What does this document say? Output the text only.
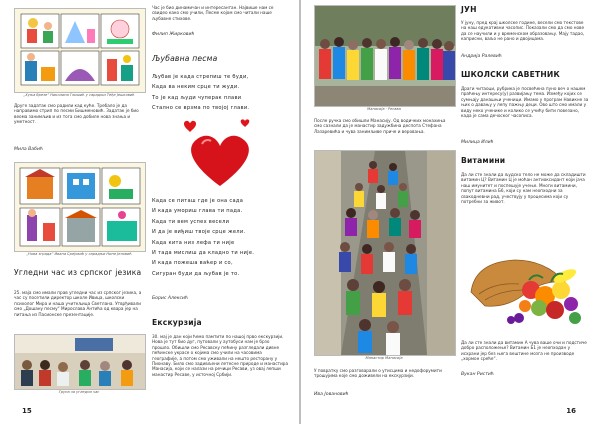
„Хуња брезе“ Николина Глишић у сарадњи Теђе Јешковић

Друге задатак смо радили кад куће. Требало је да направимо стрип по песми Бишменовић. Задатак је био веома занимљив и из тога смо добиле нова знања и уметност.

Мила Вабић

„Нова зграда“ Ивана Срејовић у сарадњи Нине Јеловић

Угледни час из српског језика

25. маја смо имали прав угледни час из српског језика, а час су посетили директор школе Ивица, школски психолог Мира и наша учитељица Светлана. Утврђивали смо „Дошану песму“ Мирослава Антића од квара јер на питања из Пасионске презентације.

Групa за угледни час

Час је био динамичан и интересантан. Највише нам се свидео како смо учили, Песме којом смо читали наше љубавне стихове.

Филип Жирковић

Љубавна песма

Љубав је када стрепиш те буди,

Када ва неким срце ти жуди.

То је кад људи чупеpак плави

Стално се врзма по твојој глави.

Када се питаш где је она сада

И када умориш глава ти пада.

Када ти вем успех весели

И да је виђиш твоје срце жели.

Када кита низ лефа ти није

И тада мислиш да кладно ти није.

И када пожеша ваћер и со,

Сигуран буди да љубав је то.

Борис Алексић

Екскурзија

30. мај је дан који ћемо памтити по нашој прво екскурзији. Нова је тут био дуг, путовали у аутобуси нам је брзо прошло. Обишли смо Ресавску пећину разгледали дивне пећинске украсе о којима смо учили на часовима географије, а потом смо уживали на нешто ресторану у Пионаву. Било смо задивљени летесне природе и манастира Манасија, који се налази на речици Ресави, уз овај лепши манастир Ресаве, у источној Србији.

15

Манасија · Ресава

После ручка смо обишли Манасију. Од водичких монахиња смо сазнали да је манастир задужбина деспота Стефана Лазаревића и чува занимљиве приче и веровања.

Манастир Манасија

У повратку смо разговарали о утисцима и недофорумити трошујима које смо доживели на екскурзији.

Ива Јовановић

ЈУН

У јуну, пред крај школске године, весели смо текстове на наш едукативни часопис. Показали смо да смо нове да се научили и у временском образовању. Мају тадао, каприсни, ваљо не рано и двојицама.

Андријa Ралевић

ШКОЛСКИ САВЕТНИК

Драги читаоци, рубрика је посвећена пуно веч о нашем праћењу интересу(у) развијању тема. Између којих се сумњају данашњи ученици. Имамо у програм Навикне за њих о давању у лепу пажњу деци. Ово што смо имали у виду неко ученике и колико се учићу бити повезано, када је сама дечоског часописа.

Милица Илић

Витамини

Да ли сте знали да људско тело не може да складишти витамин Ц? Витамин Ц је моћан антиоксидант који јача наш имунитет и поспешује учење. Многи витамини, попут витамина Б6, који су нам неопходни за свакодневни рад, учествују у процесима који су потребни за живот.

Да ли сте знали да витамин А чува ваше очи и подстиче добро расположење? Витамин Б1 је неопходан у исхрани јер без њега вештине мозга не производе „хормон среће“.

Вукан Ристић

16
